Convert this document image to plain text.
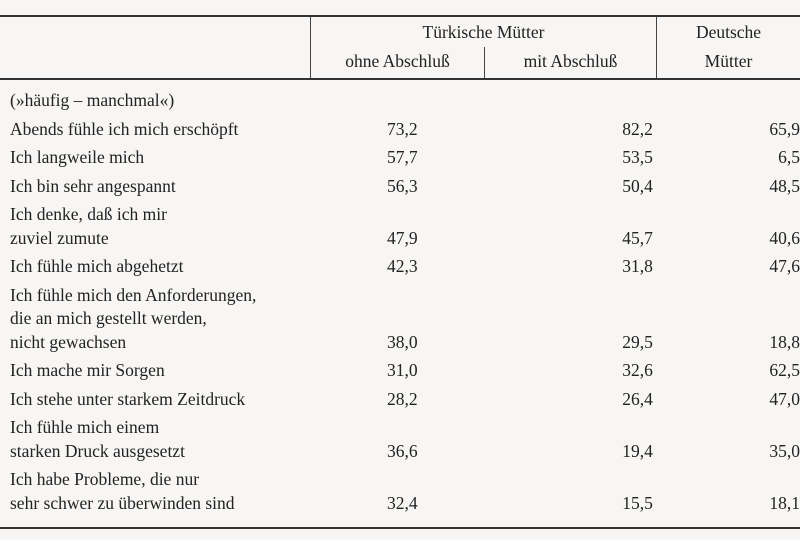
Türkische Mütter
ohne Abschluß	mit Abschluß
Deutsche
Mütter
(»häufig – manchmal«)			

Abends fühle ich mich erschöpft	73,2	82,2	65,9

Ich langweile mich	57,7	53,5	6,5

Ich bin sehr angespannt	56,3	50,4	48,5

Ich denke, daß ich mir
zuviel zumute	47,9	45,7	40,6

Ich fühle mich abgehetzt	42,3	31,8	47,6

Ich fühle mich den Anforderungen,
die an mich gestellt werden,
nicht gewachsen	38,0	29,5	18,8

Ich mache mir Sorgen	31,0	32,6	62,5

Ich stehe unter starkem Zeitdruck	28,2	26,4	47,0

Ich fühle mich einem
starken Druck ausgesetzt	36,6	19,4	35,0

Ich habe Probleme, die nur
sehr schwer zu überwinden sind	32,4	15,5	18,1
